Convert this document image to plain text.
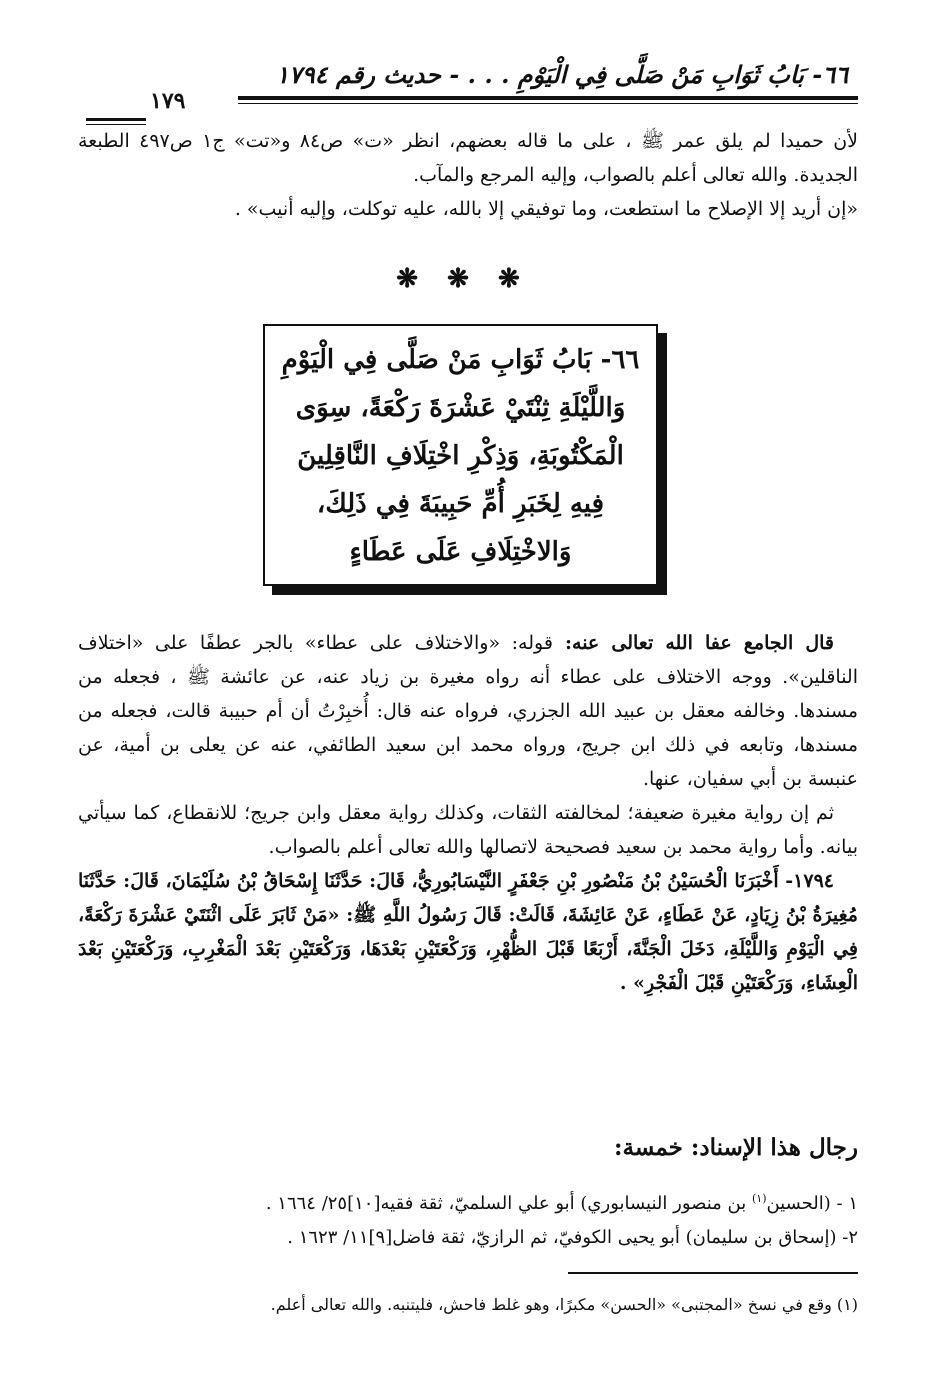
٦٦- بَابُ ثَوَابِ مَنْ صَلَّى فِي الْيَوْمِ . . . - حديث رقم ١٧٩٤
١٧٩

لأن حميدا لم يلق عمر ﷺ ، على ما قاله بعضهم، انظر «ت» ص٨٤ و«تت» ج١ ص٤٩٧ الطبعة الجديدة. والله تعالى أعلم بالصواب، وإليه المرجع والمآب.

«إن أريد إلا الإصلاح ما استطعت، وما توفيقي إلا بالله، عليه توكلت، وإليه أنيب» .

❋ ❋ ❋

٦٦- بَابُ ثَوَابِ مَنْ صَلَّى فِي الْيَوْمِ

وَاللَّيْلَةِ ثِنْتَيْ عَشْرَةَ رَكْعَةً، سِوَى

الْمَكْتُوبَةِ، وَذِكْرِ اخْتِلَافِ النَّاقِلِينَ

فِيهِ لِخَبَرِ أُمِّ حَبِيبَةَ فِي ذَلِكَ،

وَالاخْتِلَافِ عَلَى عَطَاءٍ

قال الجامع عفا الله تعالى عنه: قوله: «والاختلاف على عطاء» بالجر عطفًا على «اختلاف الناقلين». ووجه الاختلاف على عطاء أنه رواه مغيرة بن زياد عنه، عن عائشة ﷺ ، فجعله من مسندها. وخالفه معقل بن عبيد الله الجزري، فرواه عنه قال: أُخبِرْتُ أن أم حبيبة قالت، فجعله من مسندها، وتابعه في ذلك ابن جريج، ورواه محمد ابن سعيد الطائفي، عنه عن يعلى بن أمية، عن عنبسة بن أبي سفيان، عنها.

ثم إن رواية مغيرة ضعيفة؛ لمخالفته الثقات، وكذلك رواية معقل وابن جريج؛ للانقطاع، كما سيأتي بيانه. وأما رواية محمد بن سعيد فصحيحة لاتصالها والله تعالى أعلم بالصواب.

١٧٩٤- أَخْبَرَنَا الْحُسَيْنُ بْنُ مَنْصُورِ بْنِ جَعْفَرٍ النَّيْسَابُورِيُّ، قَالَ: حَدَّثَنَا إِسْحَاقُ بْنُ سُلَيْمَانَ، قَالَ: حَدَّثَنَا مُغِيرَةُ بْنُ زِيَادٍ، عَنْ عَطَاءٍ، عَنْ عَائِشَةَ، قَالَتْ: قَالَ رَسُولُ اللَّهِ ﷺ: «مَنْ ثَابَرَ عَلَى اثْنَتَيْ عَشْرَةَ رَكْعَةً، فِي الْيَوْمِ وَاللَّيْلَةِ، دَخَلَ الْجَنَّةَ، أَرْبَعًا قَبْلَ الظُّهْرِ، وَرَكْعَتَيْنِ بَعْدَهَا، وَرَكْعَتَيْنِ بَعْدَ الْمَغْرِبِ، وَرَكْعَتَيْنِ بَعْدَ الْعِشَاءِ، وَرَكْعَتَيْنِ قَبْلَ الْفَجْرِ» .

رجال هذا الإسناد: خمسة:

١ - (الحسين$^{(١)}$ بن منصور النيسابوري) أبو علي السلميّ، ثقة فقيه[١٠]٢٥/ ١٦٦٤ .

٢- (إسحاق بن سليمان) أبو يحيى الكوفيّ، ثم الرازيّ، ثقة فاضل[٩]١١/ ١٦٢٣ .

(١) وقع في نسخ «المجتبى» «الحسن» مكبرًا، وهو غلط فاحش، فليتنبه. والله تعالى أعلم.
